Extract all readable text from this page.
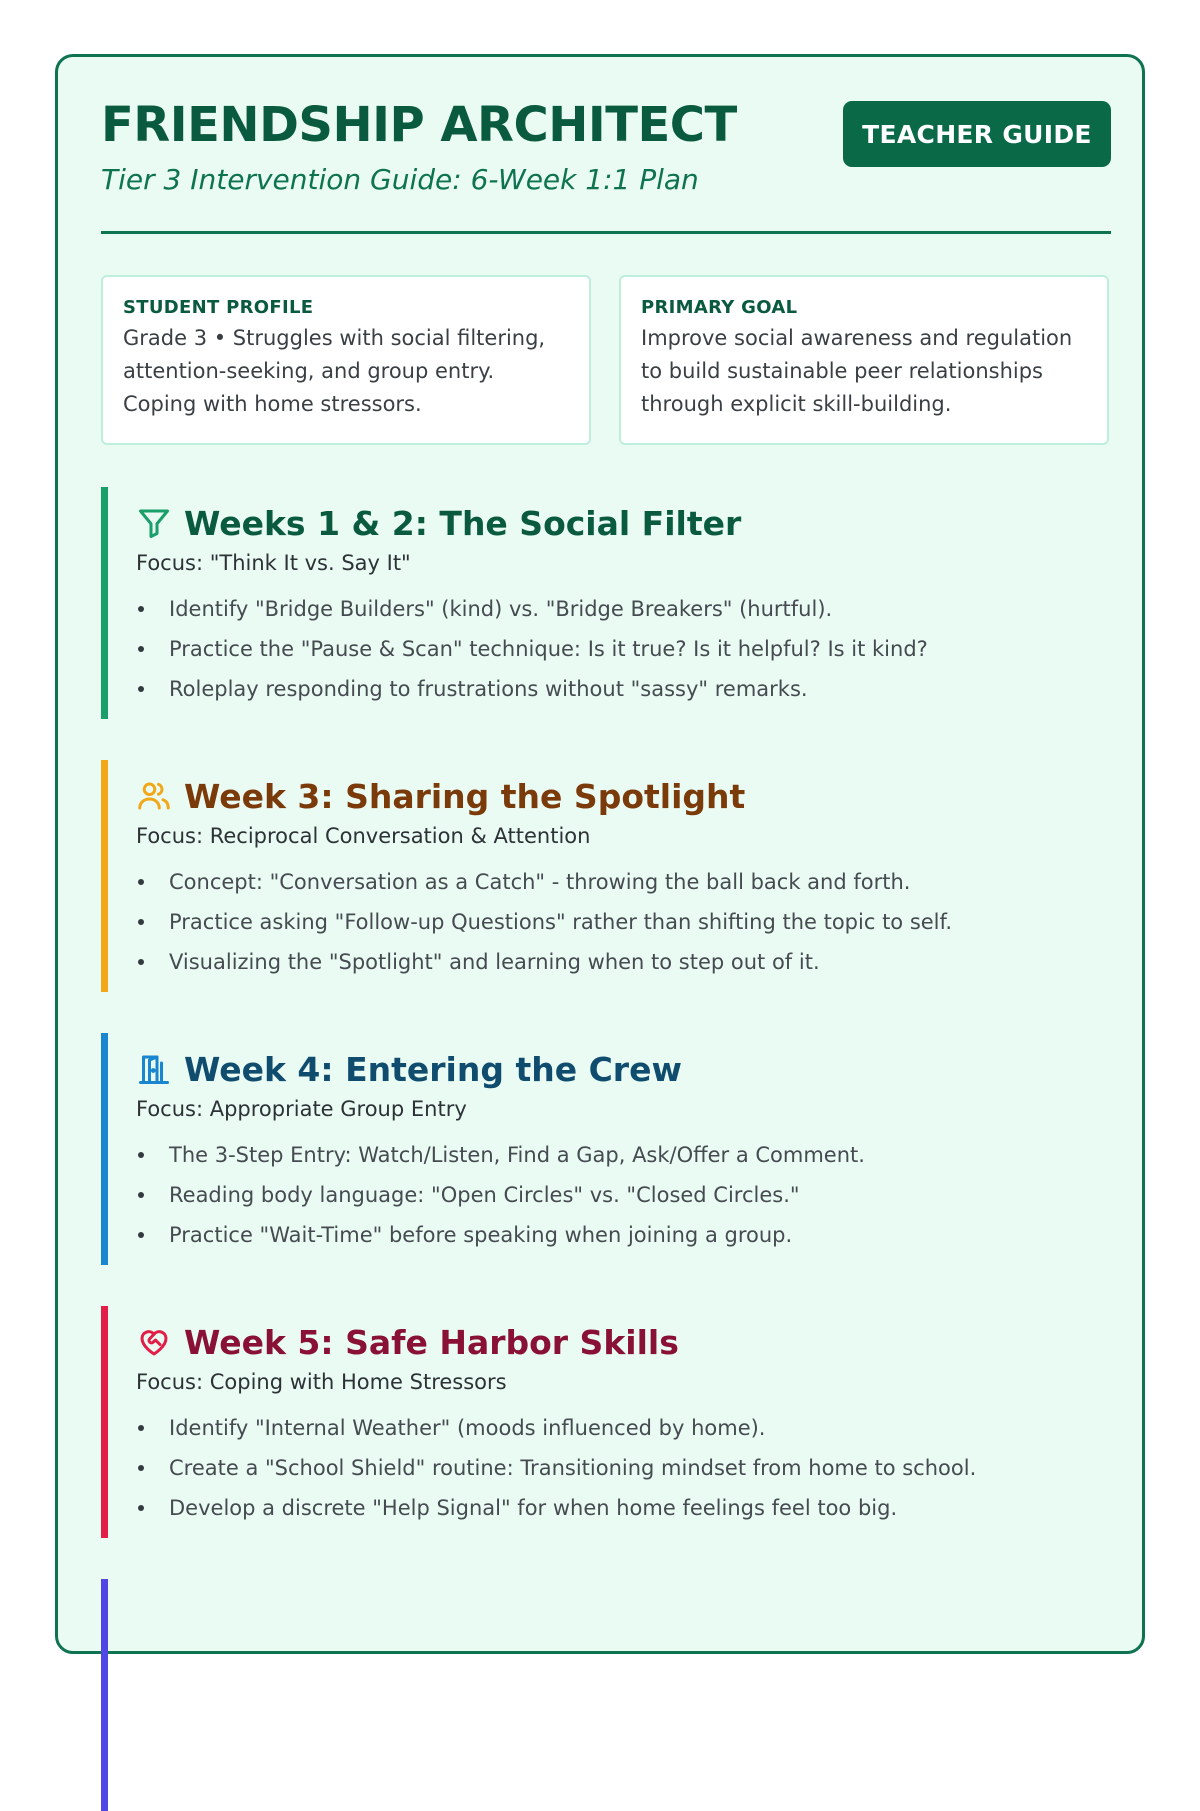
FRIENDSHIP ARCHITECT
Tier 3 Intervention Guide: 6-Week 1:1 Plan
TEACHER GUIDE
STUDENT PROFILE
Grade 3 • Struggles with social filtering, attention-seeking, and group entry. Coping with home stressors.
PRIMARY GOAL
Improve social awareness and regulation to build sustainable peer relationships through explicit skill-building.
Weeks 1 & 2: The Social Filter
Focus: "Think It vs. Say It"
Identify "Bridge Builders" (kind) vs. "Bridge Breakers" (hurtful).
Practice the "Pause & Scan" technique: Is it true? Is it helpful? Is it kind?
Roleplay responding to frustrations without "sassy" remarks.
Week 3: Sharing the Spotlight
Focus: Reciprocal Conversation & Attention
Concept: "Conversation as a Catch" - throwing the ball back and forth.
Practice asking "Follow-up Questions" rather than shifting the topic to self.
Visualizing the "Spotlight" and learning when to step out of it.
Week 4: Entering the Crew
Focus: Appropriate Group Entry
The 3-Step Entry: Watch/Listen, Find a Gap, Ask/Offer a Comment.
Reading body language: "Open Circles" vs. "Closed Circles."
Practice "Wait-Time" before speaking when joining a group.
Week 5: Safe Harbor Skills
Focus: Coping with Home Stressors
Identify "Internal Weather" (moods influenced by home).
Create a "School Shield" routine: Transitioning mindset from home to school.
Develop a discrete "Help Signal" for when home feelings feel too big.
